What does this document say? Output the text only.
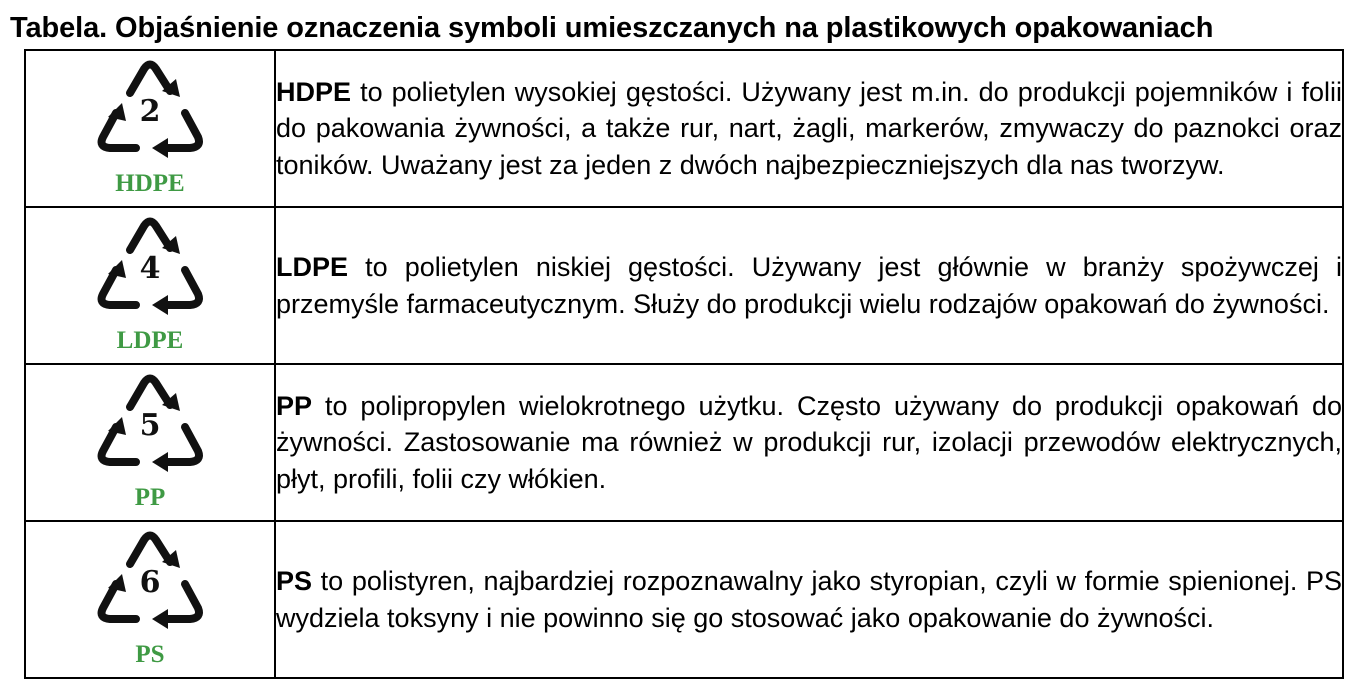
Tabela. Objaśnienie oznaczenia symboli umieszczanych na plastikowych opakowaniach
2
HDPE	HDPE to polietylen wysokiej gęstości. Używany jest m.in. do produkcji pojemników i folii do pakowania żywności, a także rur, nart, żagli, markerów, zmywaczy do paznokci oraz toników. Uważany jest za jeden z dwóch najbezpieczniejszych dla nas tworzyw.

4
LDPE	LDPE to polietylen niskiej gęstości. Używany jest głównie w branży spożywczej i przemyśle farmaceutycznym. Służy do produkcji wielu rodzajów opakowań do żywności.

5
PP	PP to polipropylen wielokrotnego użytku. Często używany do produkcji opakowań do żywności. Zastosowanie ma również w produkcji rur, izolacji przewodów elektrycznych, płyt, profili, folii czy włókien.

6
PS	PS to polistyren, najbardziej rozpoznawalny jako styropian, czyli w formie spienionej. PS wydziela toksyny i nie powinno się go stosować jako opakowanie do żywności.
